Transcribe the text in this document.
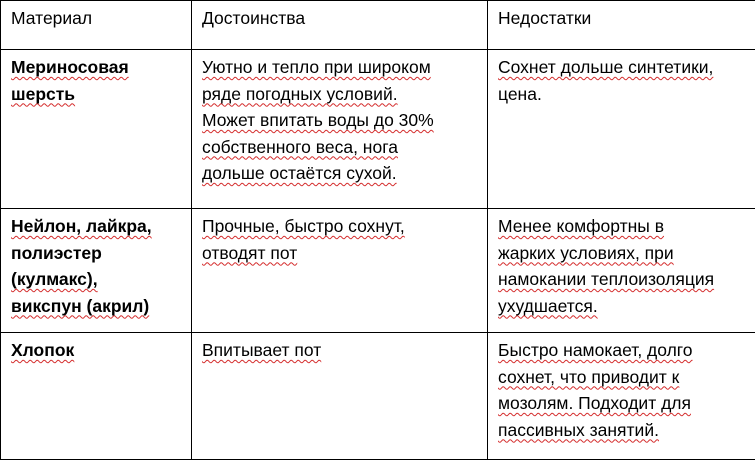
Материал	Достоинства	Недостатки

Мериносовая
шерсть	Уютно и тепло при широком
ряде погодных условий.
Может впитать воды до 30%
собственного веса, нога
дольше остаётся сухой.	Сохнет дольше синтетики,
цена.

Нейлон, лайкра,
полиэстер
(кулмакс),
викспун (акрил)	Прочные, быстро сохнут,
отводят пот	Менее комфортны в
жарких условиях, при
намокании теплоизоляция
ухудшается.

Хлопок	Впитывает пот	Быстро намокает, долго
сохнет, что приводит к
мозолям. Подходит для
пассивных занятий.
